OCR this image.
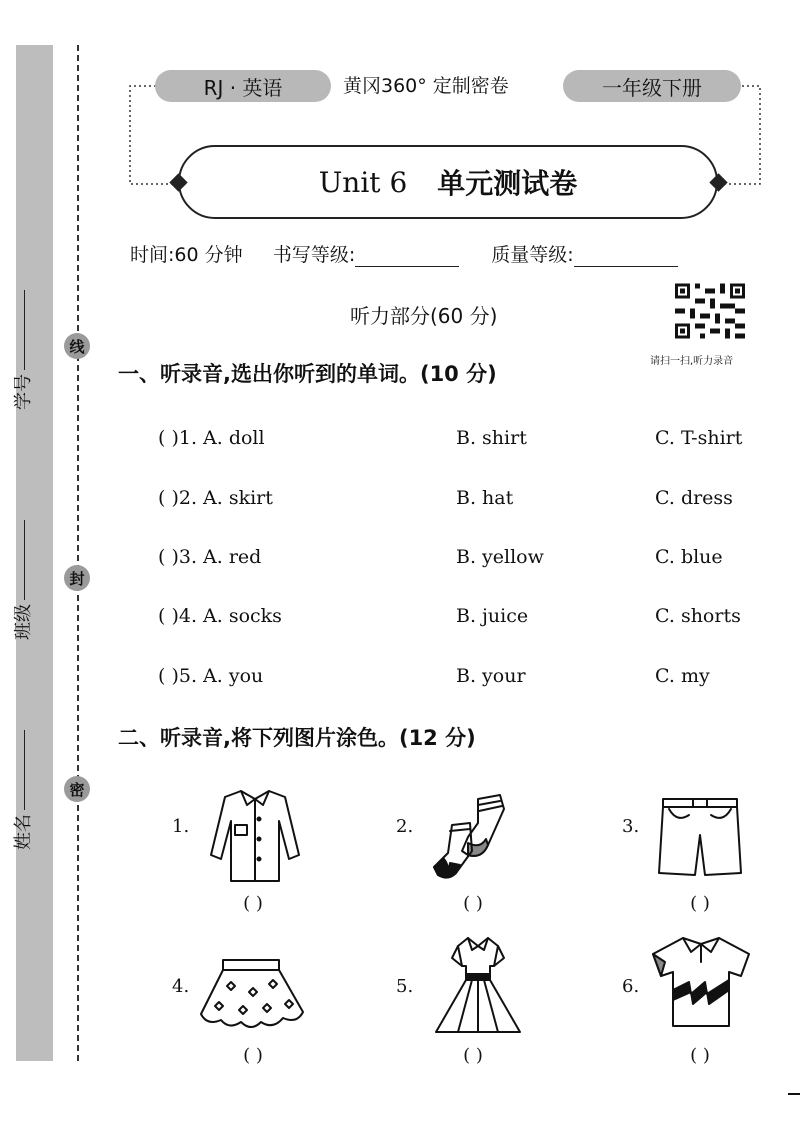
学号
班级
姓名
线
封
密
RJ · 英语	黄冈360° 定制密卷	一年级下册
Unit 6 单元测试卷
时间:60 分钟 书写等级:	质量等级:
听力部分(60 分)
请扫一扫,听力录音
一、听录音,选出你听到的单词。(10 分)
( )1. A. doll	B. shirt	C. T-shirt
( )2. A. skirt	B. hat	C. dress
( )3. A. red	B. yellow	C. blue
( )4. A. socks	B. juice	C. shorts
( )5. A. you	B. your	C. my
二、听录音,将下列图片涂色。(12 分)
1.
( )
2.
( )
3.
( )
4.
( )
5.
( )
6.
( )
